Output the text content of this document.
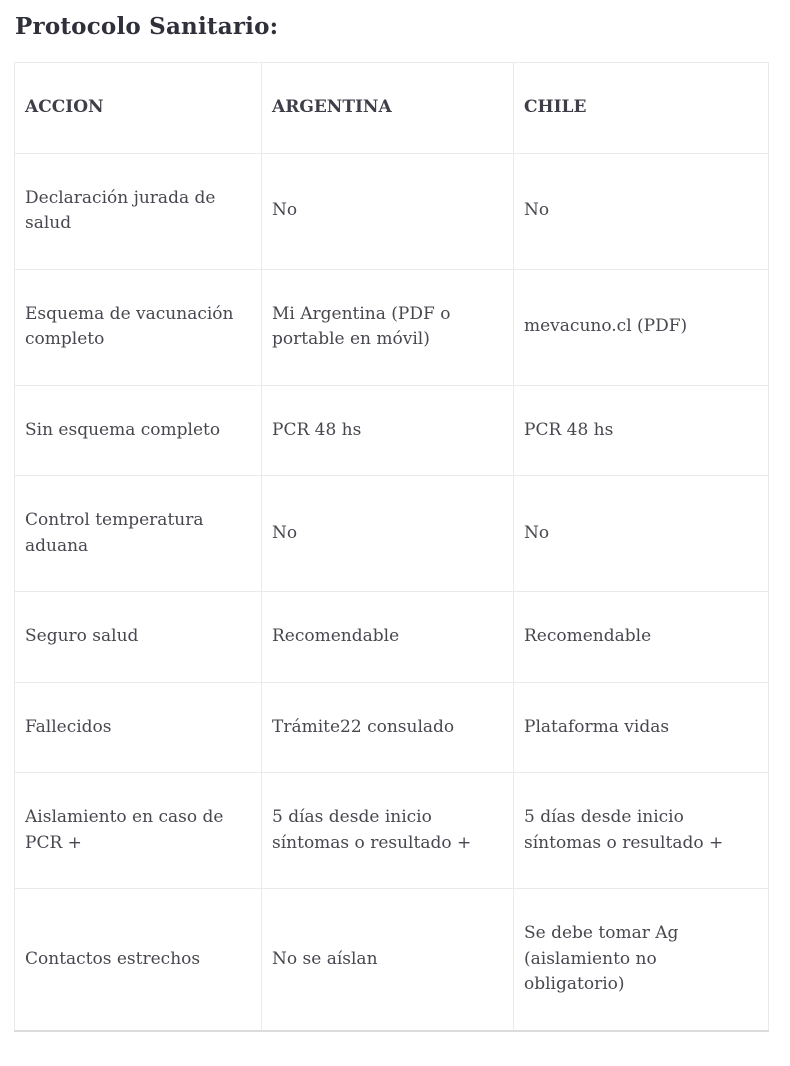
Protocolo Sanitario:
ACCION	ARGENTINA	CHILE
Declaración jurada de salud	No	No
Esquema de vacunación completo	Mi Argentina (PDF o portable en móvil)	mevacuno.cl (PDF)
Sin esquema completo	PCR 48 hs	PCR 48 hs
Control temperatura aduana	No	No
Seguro salud	Recomendable	Recomendable
Fallecidos	Trámite22 consulado	Plataforma vidas
Aislamiento en caso de PCR +	5 días desde inicio síntomas o resultado +	5 días desde inicio síntomas o resultado +
Contactos estrechos	No se aíslan	Se debe tomar Ag (aislamiento no obligatorio)
